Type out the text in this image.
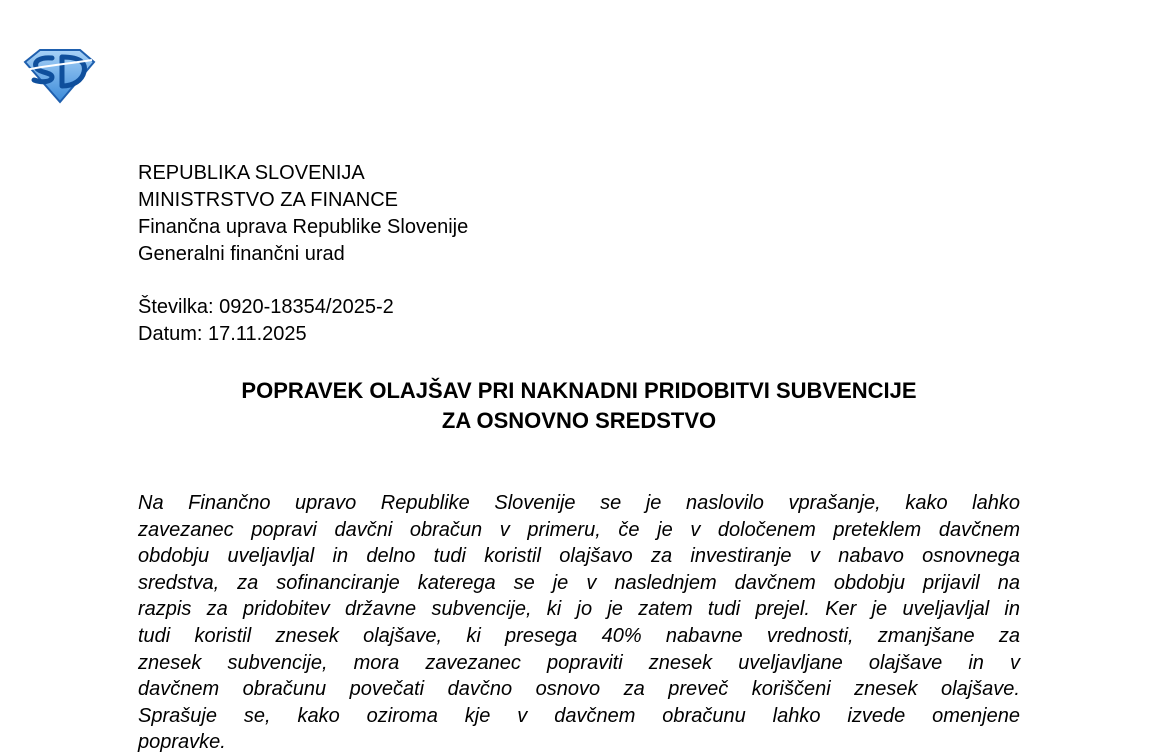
REPUBLIKA SLOVENIJA
MINISTRSTVO ZA FINANCE
Finančna uprava Republike Slovenije
Generalni finančni urad
Številka: 0920-18354/2025-2
Datum: 17.11.2025
POPRAVEK OLAJŠAV PRI NAKNADNI PRIDOBITVI SUBVENCIJE
ZA OSNOVNO SREDSTVO
Na Finančno upravo Republike Slovenije se je naslovilo vprašanje, kako lahko
zavezanec popravi davčni obračun v primeru, če je v določenem preteklem davčnem
obdobju uveljavljal in delno tudi koristil olajšavo za investiranje v nabavo osnovnega
sredstva, za sofinanciranje katerega se je v naslednjem davčnem obdobju prijavil na
razpis za pridobitev državne subvencije, ki jo je zatem tudi prejel. Ker je uveljavljal in
tudi koristil znesek olajšave, ki presega 40% nabavne vrednosti, zmanjšane za
znesek subvencije, mora zavezanec popraviti znesek uveljavljane olajšave in v
davčnem obračunu povečati davčno osnovo za preveč koriščeni znesek olajšave.
Sprašuje se, kako oziroma kje v davčnem obračunu lahko izvede omenjene
popravke.
